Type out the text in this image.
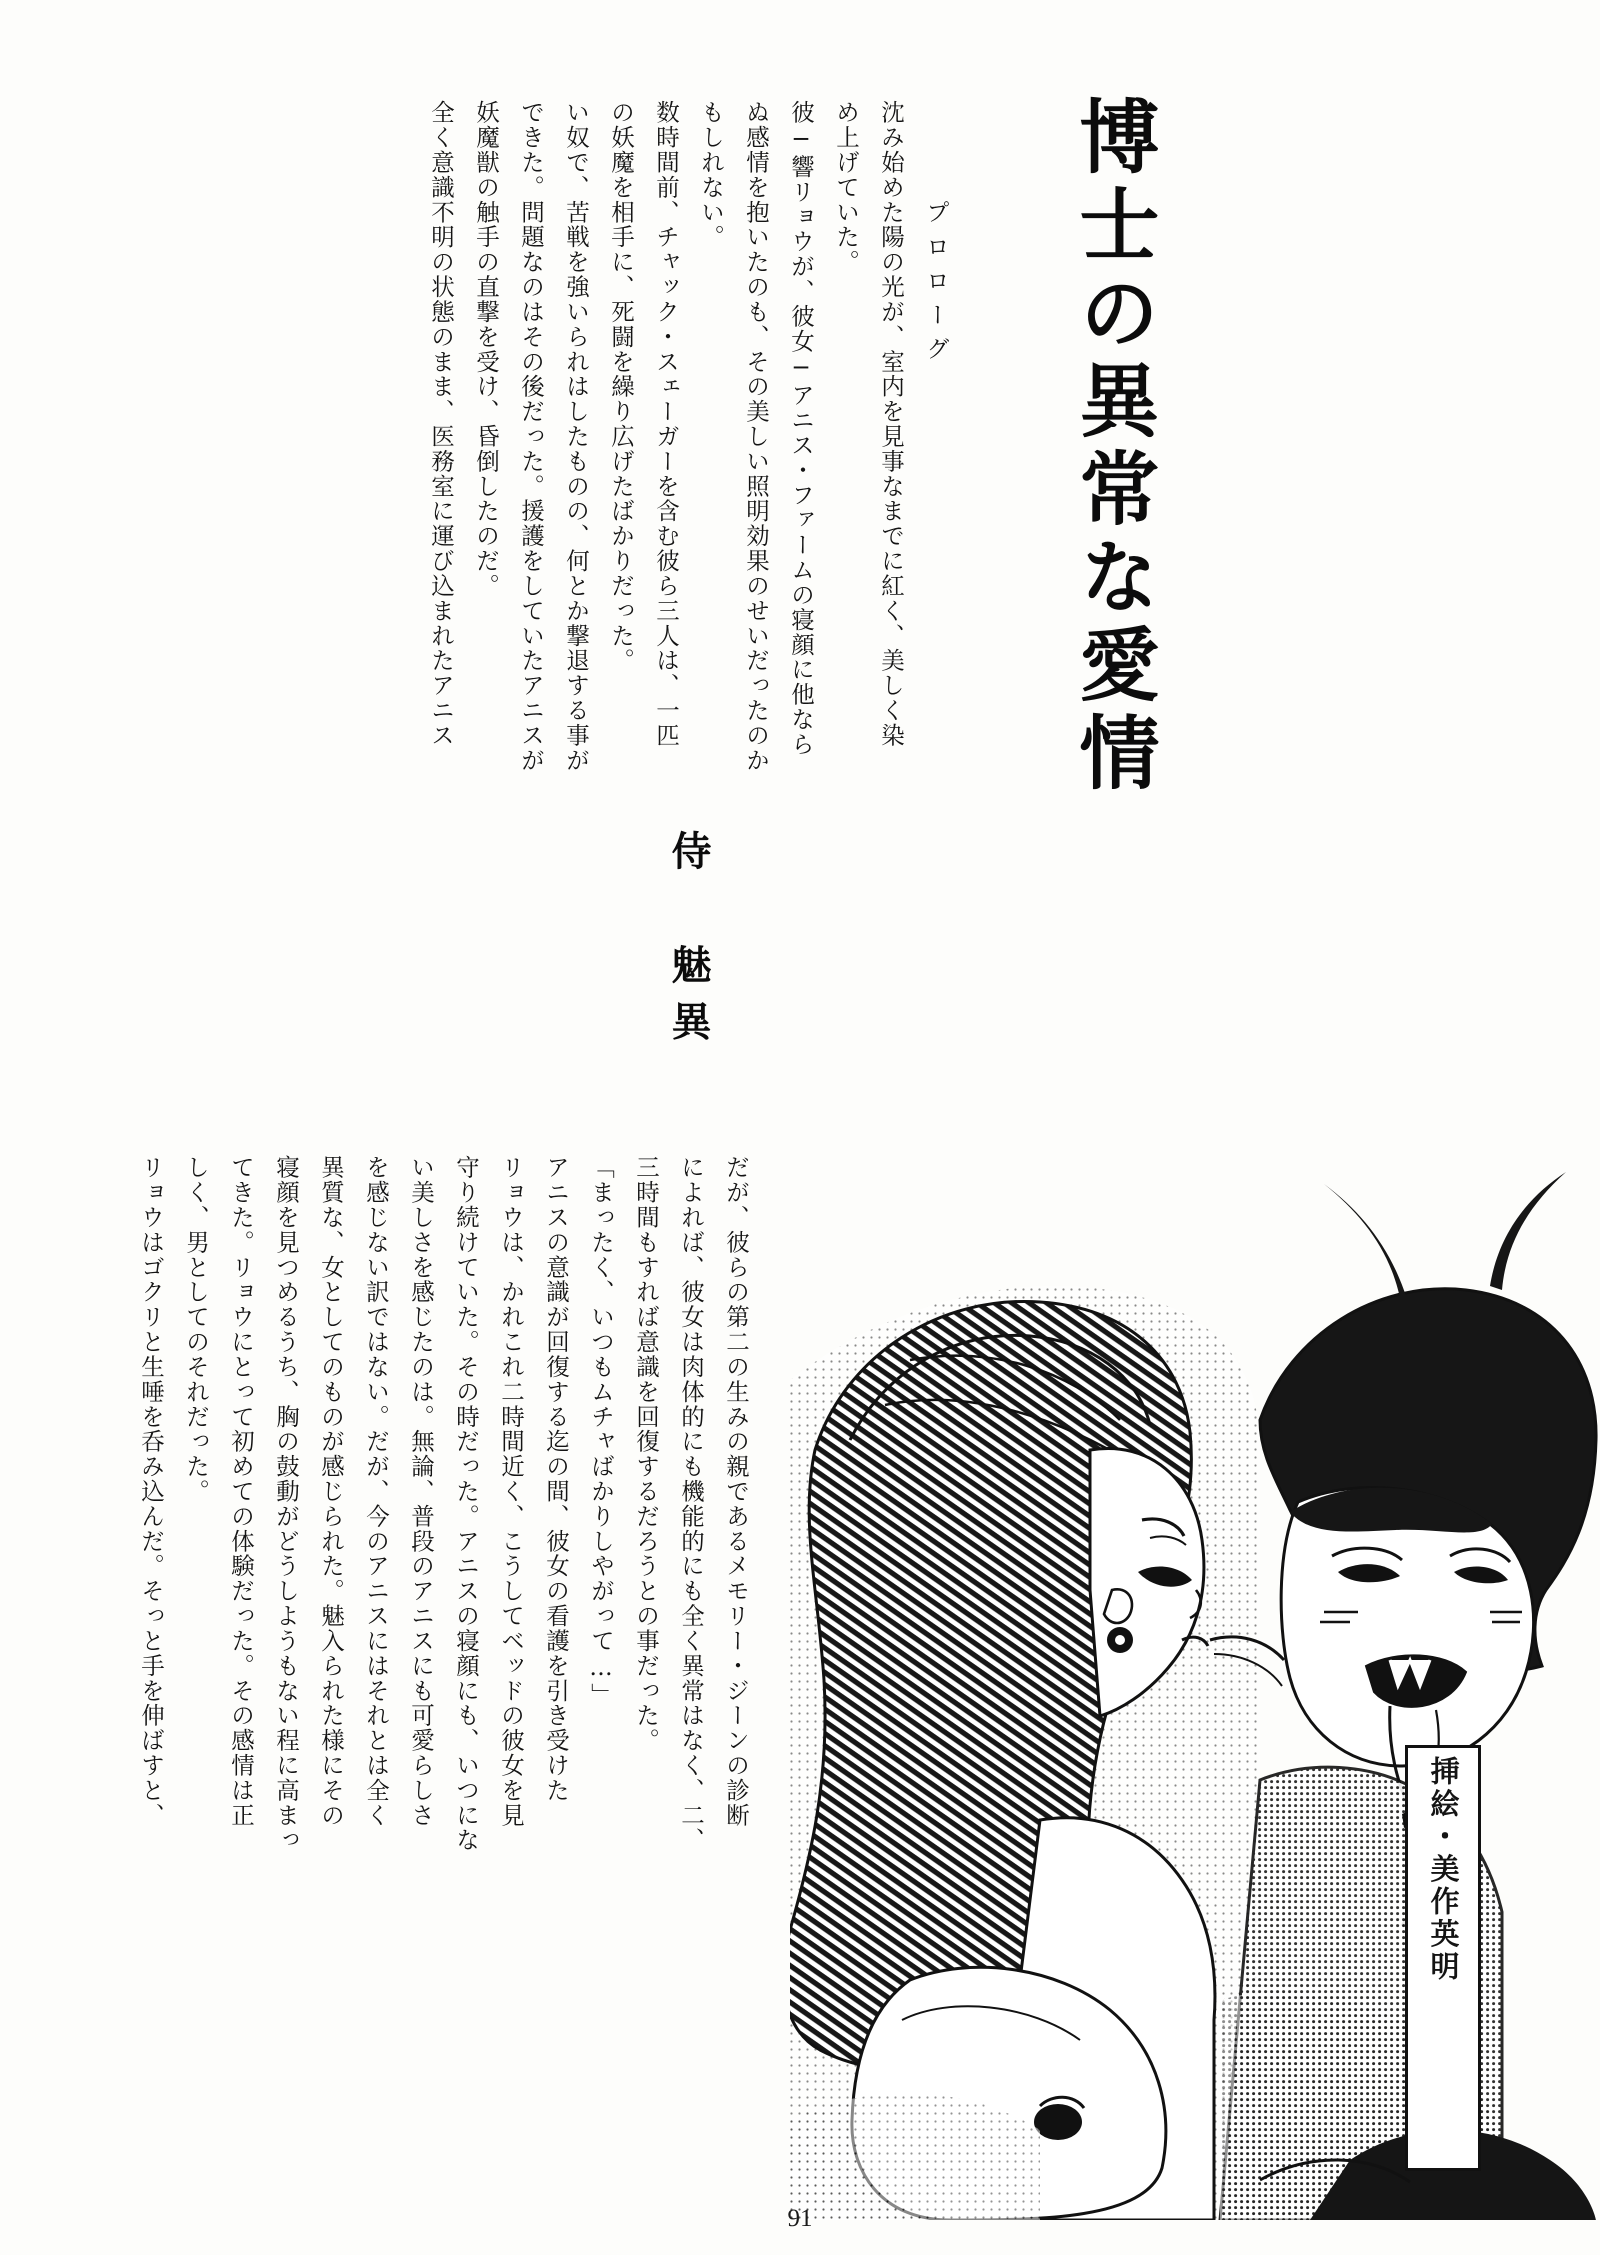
博士の異常な愛情
侍　魅異
プロローグ
沈み始めた陽の光が、室内を見事なまでに紅く、美しく染
め上げていた。
彼─響リョウが、彼女─アニス・ファームの寝顔に他なら
ぬ感情を抱いたのも、その美しい照明効果のせいだったのか
もしれない。
数時間前、チャック・スェーガーを含む彼ら三人は、一匹
の妖魔を相手に、死闘を繰り広げたばかりだった。
い奴で、苦戦を強いられはしたものの、何とか撃退する事が
できた。問題なのはその後だった。援護をしていたアニスが
妖魔獣の触手の直撃を受け、昏倒したのだ。
全く意識不明の状態のまま、医務室に運び込まれたアニス
だが、彼らの第二の生みの親であるメモリー・ジーンの診断
によれば、彼女は肉体的にも機能的にも全く異常はなく、二、
三時間もすれば意識を回復するだろうとの事だった。
「まったく、いつもムチャばかりしやがって…」
アニスの意識が回復する迄の間、彼女の看護を引き受けた
リョウは、かれこれ二時間近く、こうしてベッドの彼女を見
守り続けていた。その時だった。アニスの寝顔にも、いつにな
い美しさを感じたのは。無論、普段のアニスにも可愛らしさ
を感じない訳ではない。だが、今のアニスにはそれとは全く
異質な、女としてのものが感じられた。魅入られた様にその
寝顔を見つめるうち、胸の鼓動がどうしようもない程に高まっ
てきた。リョウにとって初めての体験だった。その感情は正
しく、男としてのそれだった。
リョウはゴクリと生唾を呑み込んだ。そっと手を伸ばすと、
挿絵・美作英明
91
